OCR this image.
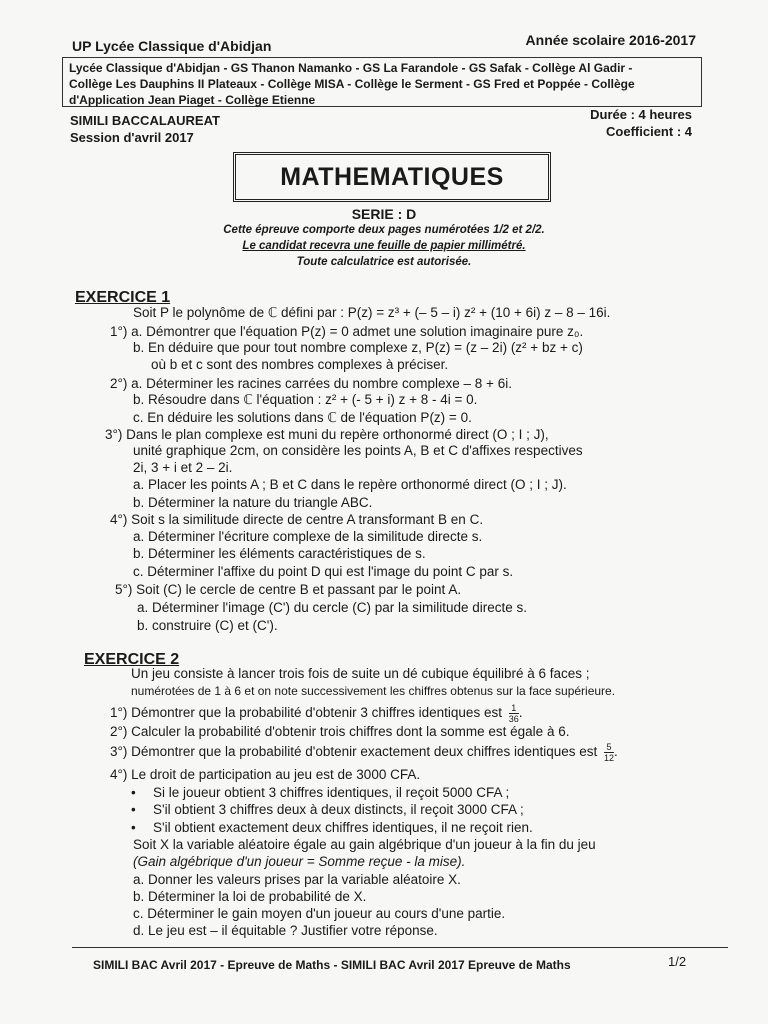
UP Lycée Classique d'Abidjan	Année scolaire 2016-2017
Lycée Classique d'Abidjan - GS Thanon Namanko - GS La Farandole - GS Safak - Collège Al Gadir -
Collège Les Dauphins II Plateaux - Collège MISA - Collège le Serment - GS Fred et Poppée - Collège
d'Application Jean Piaget - Collège Etienne
SIMILI BACCALAUREAT
Session d'avril 2017
Durée : 4 heures
Coefficient : 4
MATHEMATIQUES
SERIE : D
Cette épreuve comporte deux pages numérotées 1/2 et 2/2.
Le candidat recevra une feuille de papier millimétré.
Toute calculatrice est autorisée.
EXERCICE 1
Soit P le polynôme de ℂ défini par : P(z) = z³ + (– 5 – i) z² + (10 + 6i) z – 8 – 16i.
1°) a. Démontrer que l'équation P(z) = 0 admet une solution imaginaire pure z₀.
b. En déduire que pour tout nombre complexe z, P(z) = (z – 2i) (z² + bz + c)
où b et c sont des nombres complexes à préciser.
2°) a. Déterminer les racines carrées du nombre complexe – 8 + 6i.
b. Résoudre dans ℂ l'équation : z² + (- 5 + i) z + 8 - 4i = 0.
c. En déduire les solutions dans ℂ de l'équation P(z) = 0.
3°) Dans le plan complexe est muni du repère orthonormé direct (O ; I ; J),
unité graphique 2cm, on considère les points A, B et C d'affixes respectives
2i, 3 + i et 2 – 2i.
a. Placer les points A ; B et C dans le repère orthonormé direct (O ; I ; J).
b. Déterminer la nature du triangle ABC.
4°) Soit s la similitude directe de centre A transformant B en C.
a. Déterminer l'écriture complexe de la similitude directe s.
b. Déterminer les éléments caractéristiques de s.
c. Déterminer l'affixe du point D qui est l'image du point C par s.
5°) Soit (C) le cercle de centre B et passant par le point A.
a. Déterminer l'image (C') du cercle (C) par la similitude directe s.
b. construire (C) et (C').
EXERCICE 2
Un jeu consiste à lancer trois fois de suite un dé cubique équilibré à 6 faces ;
numérotées de 1 à 6 et on note successivement les chiffres obtenus sur la face supérieure.
1°) Démontrer que la probabilité d'obtenir 3 chiffres identiques est $\frac{1}{36}$ .
2°) Calculer la probabilité d'obtenir trois chiffres dont la somme est égale à 6.
3°) Démontrer que la probabilité d'obtenir exactement deux chiffres identiques est $\frac{5}{12}$ .
4°) Le droit de participation au jeu est de 3000 CFA.
• Si le joueur obtient 3 chiffres identiques, il reçoit 5000 CFA ;
• S'il obtient 3 chiffres deux à deux distincts, il reçoit 3000 CFA ;
• S'il obtient exactement deux chiffres identiques, il ne reçoit rien.
Soit X la variable aléatoire égale au gain algébrique d'un joueur à la fin du jeu
(Gain algébrique d'un joueur = Somme reçue - la mise).
a. Donner les valeurs prises par la variable aléatoire X.
b. Déterminer la loi de probabilité de X.
c. Déterminer le gain moyen d'un joueur au cours d'une partie.
d. Le jeu est – il équitable ? Justifier votre réponse.
SIMILI BAC Avril 2017 - Epreuve de Maths - SIMILI BAC Avril 2017 Epreuve de Maths	1/2
